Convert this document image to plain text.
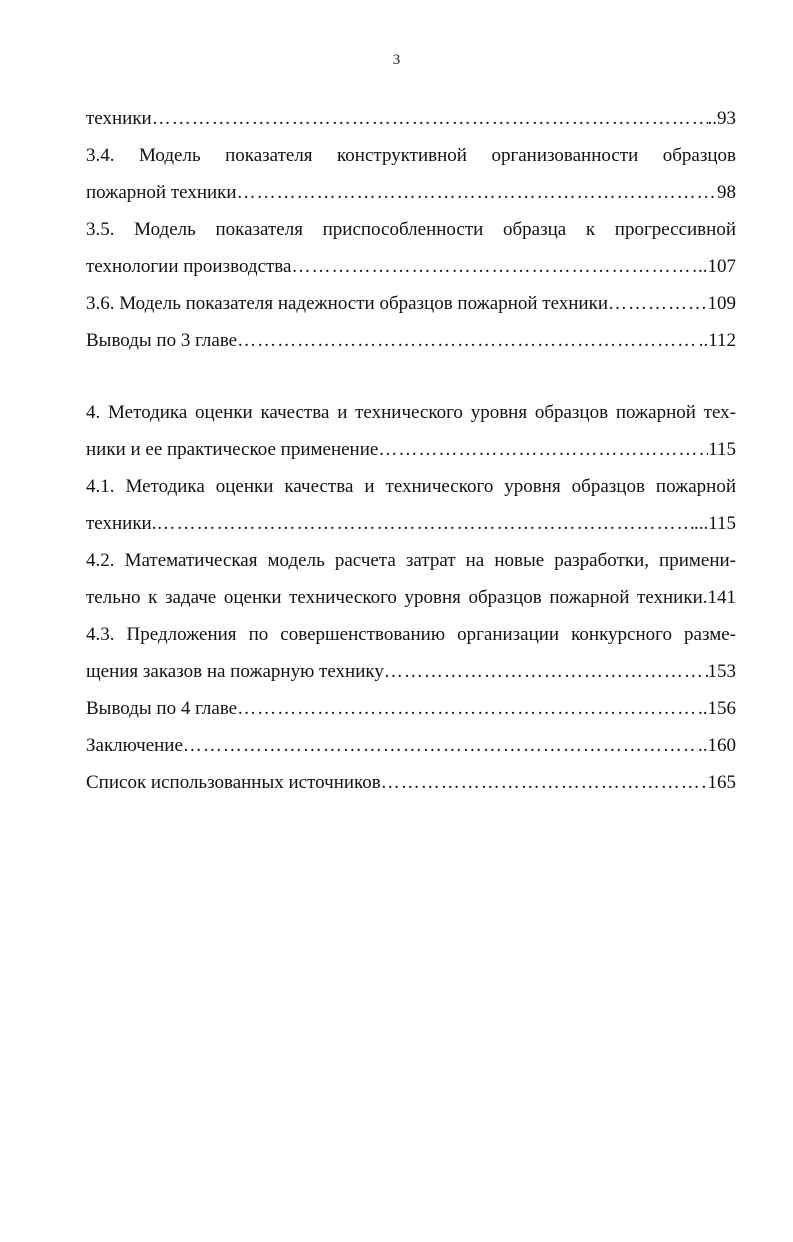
3
техники ……………………………………………………………………………………………………………………………………………………………………	..93
3.4. Модель показателя конструктивной организованности образцов
пожарной техники ……………………………………………………………………………………………………………………………………………………………………	98
3.5. Модель показателя приспособленности образца к прогрессивной
технологии производства ……………………………………………………………………………………………………………………………………………………………………	..107
3.6. Модель показателя надежности образцов пожарной техники ……………………………………………………………………………………………………………………………………………………………………	109
Выводы по 3 главе ……………………………………………………………………………………………………………………………………………………………………	..112
4. Методика оценки качества и технического уровня образцов пожарной тех-
ники и ее практическое применение ……………………………………………………………………………………………………………………………………………………………………	115
4.1. Методика оценки качества и технического уровня образцов пожарной
техники. ……………………………………………………………………………………………………………………………………………………………………	...115
4.2. Математическая модель расчета затрат на новые разработки, примени-
тельно к задаче оценки технического уровня образцов пожарной техники.141
4.3. Предложения по совершенствованию организации конкурсного разме-
щения заказов на пожарную технику ……………………………………………………………………………………………………………………………………………………………………	153
Выводы по 4 главе ……………………………………………………………………………………………………………………………………………………………………	..156
Заключение ……………………………………………………………………………………………………………………………………………………………………	..160
Список использованных источников ……………………………………………………………………………………………………………………………………………………………………	165
